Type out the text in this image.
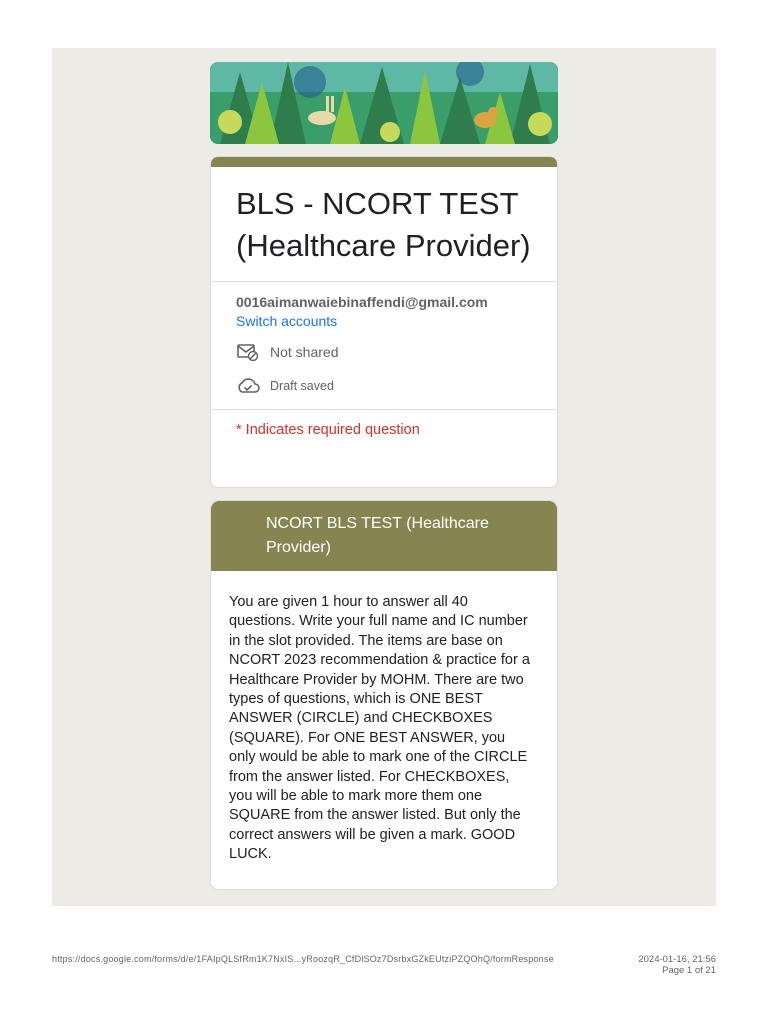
BLS - NCORT TEST (Healthcare Provider)
0016aimanwaiebinaffendi@gmail.com
Switch accounts
Not shared
Draft saved
* Indicates required question
NCORT BLS TEST (Healthcare Provider)
You are given 1 hour to answer all 40 questions. Write your full name and IC number in the slot provided. The items are base on NCORT 2023 recommendation & practice for a Healthcare Provider by MOHM. There are two types of questions, which is ONE BEST ANSWER (CIRCLE) and CHECKBOXES (SQUARE). For ONE BEST ANSWER, you only would be able to mark one of the CIRCLE from the answer listed. For CHECKBOXES, you will be able to mark more them one SQUARE from the answer listed. But only the correct answers will be given a mark. GOOD LUCK.
https://docs.google.com/forms/d/e/1FAIpQLSfRm1K7NxIS...yRoozqR_CfDlSOz7DsrbxGZkEUtziPZQOhQ/formResponse	2024-01-16, 21:56
Page 1 of 21
